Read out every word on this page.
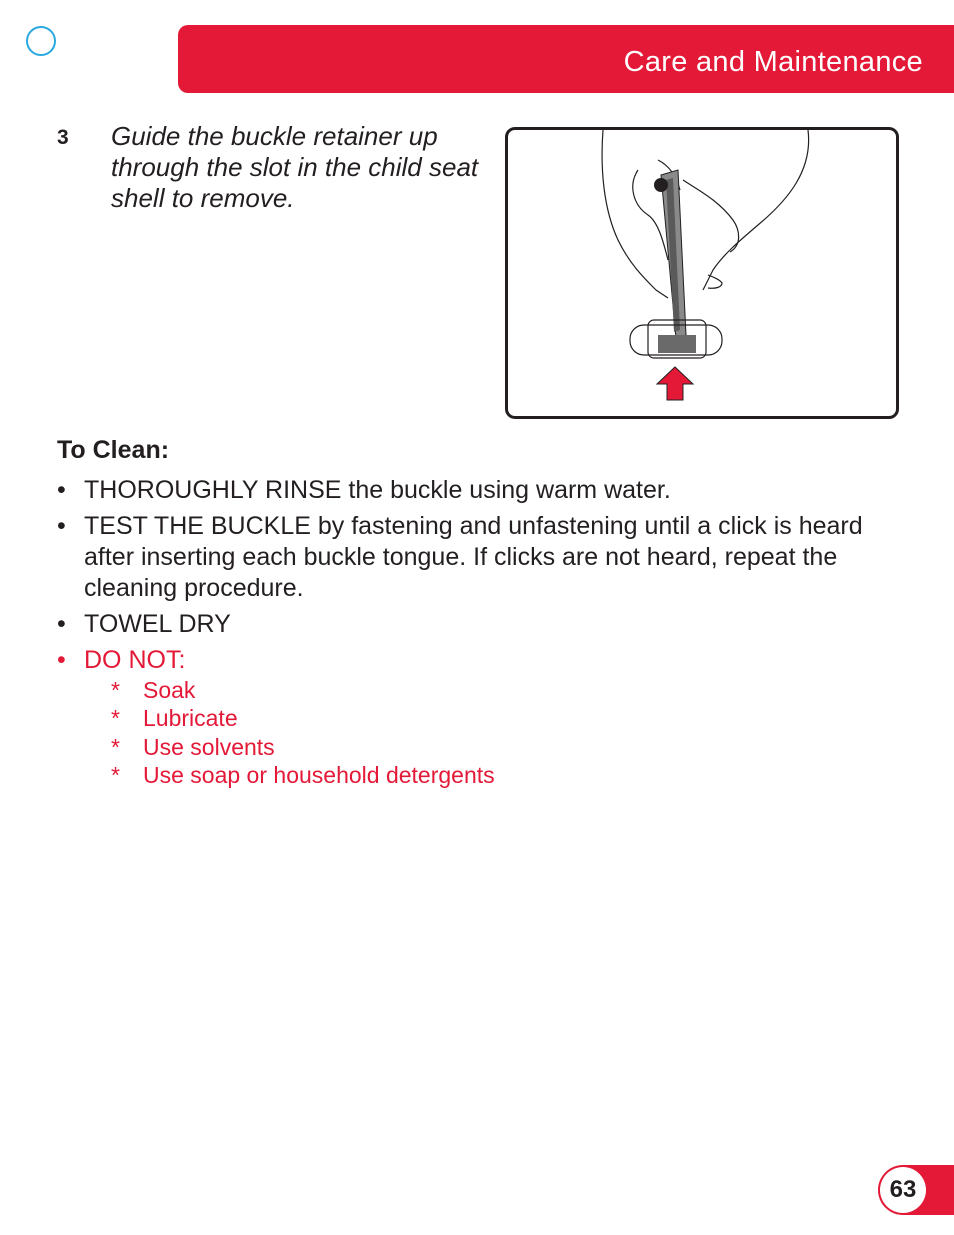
Care and Maintenance
3 Guide the buckle retainer up through the slot in the child seat shell to remove.
To Clean:
• THOROUGHLY RINSE the buckle using warm water.
• TEST THE BUCKLE by fastening and unfastening until a click is heard after inserting each buckle tongue. If clicks are not heard, repeat the cleaning procedure.
• TOWEL DRY
• DO NOT:
* Soak
* Lubricate
* Use solvents
* Use soap or household detergents
63
